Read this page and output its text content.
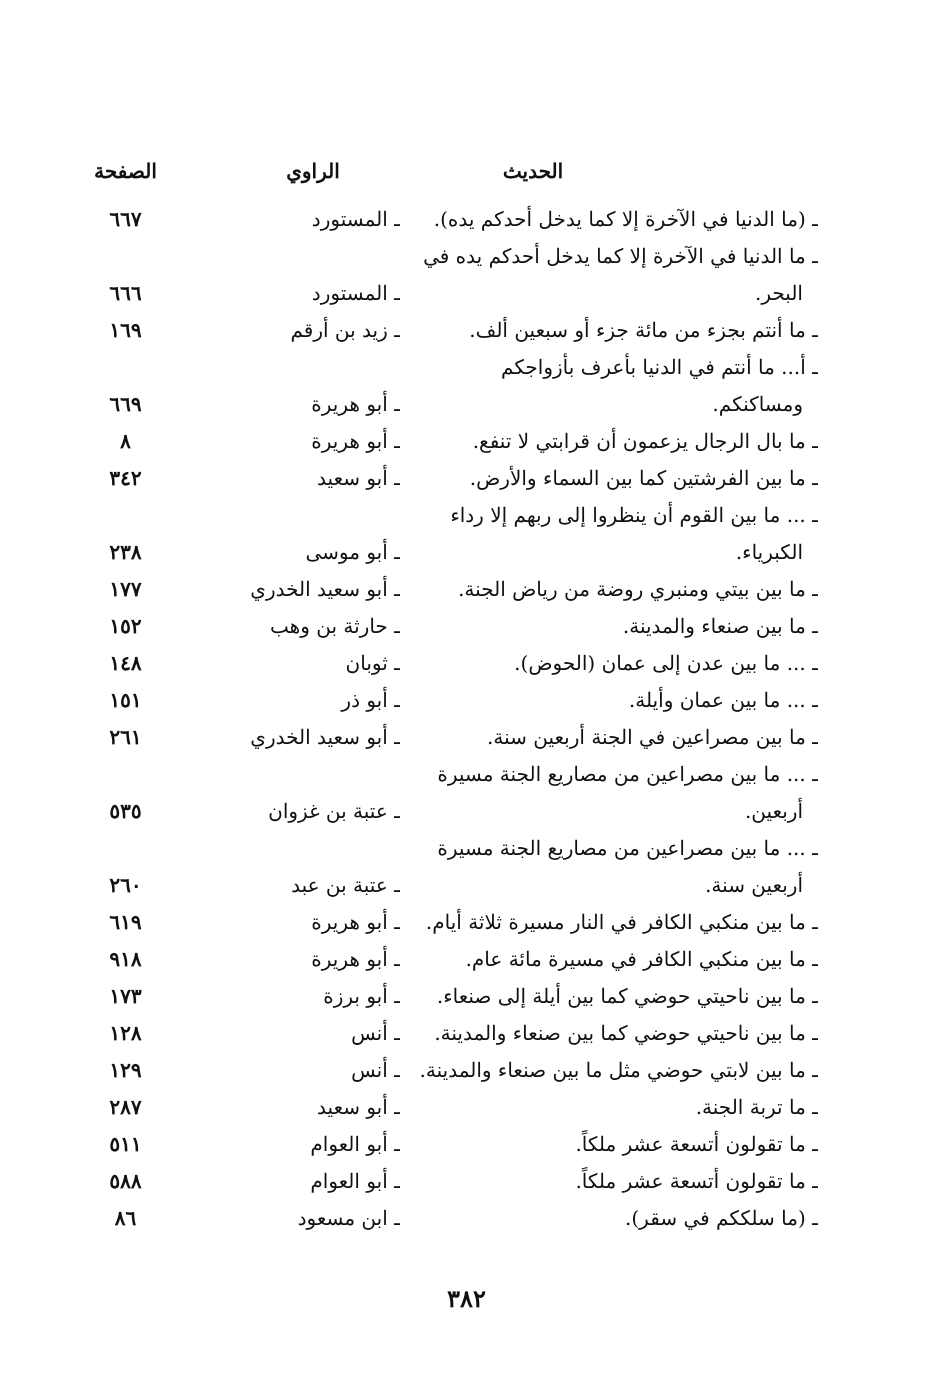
الحديث
الراوي
الصفحة
ـ (ما الدنيا في الآخرة إلا كما يدخل أحدكم يده).
ـ المستورد
٦٦٧
ـ ما الدنيا في الآخرة إلا كما يدخل أحدكم يده في
البحر.
ـ المستورد
٦٦٦
ـ ما أنتم بجزء من مائة جزء أو سبعين ألف.
ـ زيد بن أرقم
١٦٩
ـ أ... ما أنتم في الدنيا بأعرف بأزواجكم
ومساكنكم.
ـ أبو هريرة
٦٦٩
ـ ما بال الرجال يزعمون أن قرابتي لا تنفع.
ـ أبو هريرة
٨
ـ ما بين الفرشتين كما بين السماء والأرض.
ـ أبو سعيد
٣٤٢
ـ ... ما بين القوم أن ينظروا إلى ربهم إلا رداء
الكبرياء.
ـ أبو موسى
٢٣٨
ـ ما بين بيتي ومنبري روضة من رياض الجنة.
ـ أبو سعيد الخدري
١٧٧
ـ ما بين صنعاء والمدينة.
ـ حارثة بن وهب
١٥٢
ـ ... ما بين عدن إلى عمان (الحوض).
ـ ثوبان
١٤٨
ـ ... ما بين عمان وأيلة.
ـ أبو ذر
١٥١
ـ ما بين مصراعين في الجنة أربعين سنة.
ـ أبو سعيد الخدري
٢٦١
ـ ... ما بين مصراعين من مصاريع الجنة مسيرة
أربعين.
ـ عتبة بن غزوان
٥٣٥
ـ ... ما بين مصراعين من مصاريع الجنة مسيرة
أربعين سنة.
ـ عتبة بن عبد
٢٦٠
ـ ما بين منكبي الكافر في النار مسيرة ثلاثة أيام.
ـ أبو هريرة
٦١٩
ـ ما بين منكبي الكافر في مسيرة مائة عام.
ـ أبو هريرة
٩١٨
ـ ما بين ناحيتي حوضي كما بين أيلة إلى صنعاء.
ـ أبو برزة
١٧٣
ـ ما بين ناحيتي حوضي كما بين صنعاء والمدينة.
ـ أنس
١٢٨
ـ ما بين لابتي حوضي مثل ما بين صنعاء والمدينة.
ـ أنس
١٢٩
ـ ما تربة الجنة.
ـ أبو سعيد
٢٨٧
ـ ما تقولون أتسعة عشر ملكاً.
ـ أبو العوام
٥١١
ـ ما تقولون أتسعة عشر ملكاً.
ـ أبو العوام
٥٨٨
ـ (ما سلككم في سقر).
ـ ابن مسعود
٨٦
٣٨٢
